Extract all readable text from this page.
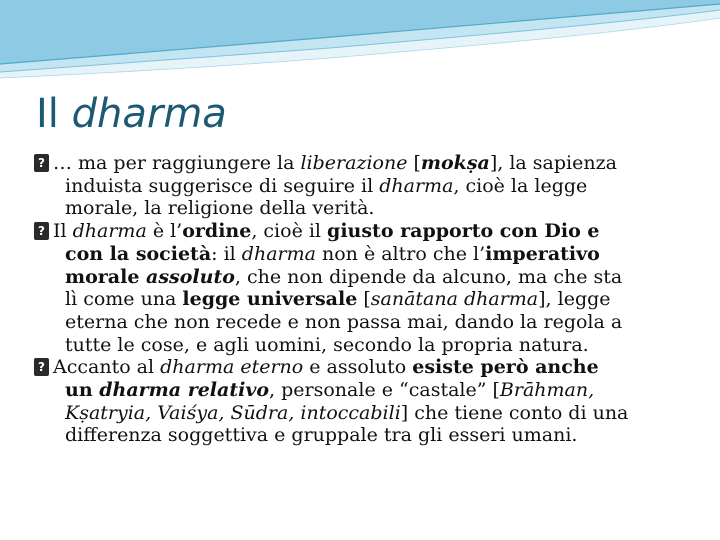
Il dharma
? … ma per raggiungere la liberazione [mokṣa], la sapienza
induista suggerisce di seguire il dharma, cioè la legge
morale, la religione della verità.
? Il dharma è l’ordine, cioè il giusto rapporto con Dio e
con la società: il dharma non è altro che l’imperativo
morale assoluto, che non dipende da alcuno, ma che sta
lì come una legge universale [sanātana dharma], legge
eterna che non recede e non passa mai, dando la regola a
tutte le cose, e agli uomini, secondo la propria natura.
? Accanto al dharma eterno e assoluto esiste però anche
un dharma relativo, personale e “castale” [Brāhman,
Kṣatryia, Vaiśya, Sūdra, intoccabili] che tiene conto di una
differenza soggettiva e gruppale tra gli esseri umani.
